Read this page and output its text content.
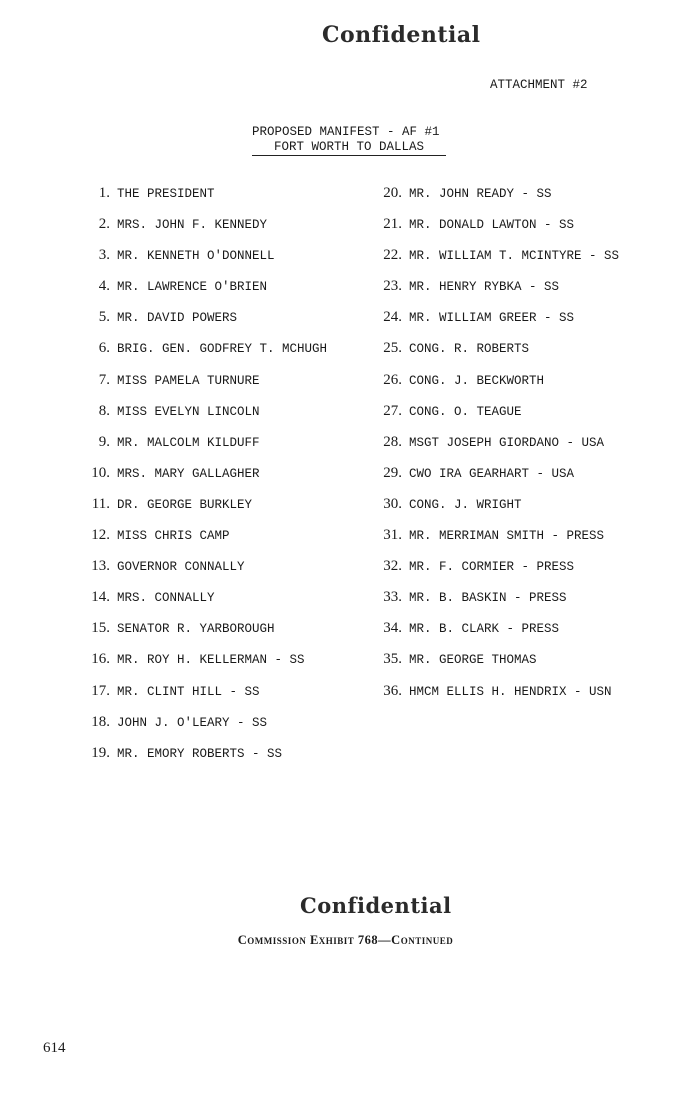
Confidential
ATTACHMENT #2
PROPOSED MANIFEST - AF #1
FORT WORTH TO DALLAS
1. THE PRESIDENT
2. MRS. JOHN F. KENNEDY
3. MR. KENNETH O'DONNELL
4. MR. LAWRENCE O'BRIEN
5. MR. DAVID POWERS
6. BRIG. GEN. GODFREY T. MCHUGH
7. MISS PAMELA TURNURE
8. MISS EVELYN LINCOLN
9. MR. MALCOLM KILDUFF
10. MRS. MARY GALLAGHER
11. DR. GEORGE BURKLEY
12. MISS CHRIS CAMP
13. GOVERNOR CONNALLY
14. MRS. CONNALLY
15. SENATOR R. YARBOROUGH
16. MR. ROY H. KELLERMAN - SS
17. MR. CLINT HILL - SS
18. JOHN J. O'LEARY - SS
19. MR. EMORY ROBERTS - SS
20. MR. JOHN READY - SS
21. MR. DONALD LAWTON - SS
22. MR. WILLIAM T. MCINTYRE - SS
23. MR. HENRY RYBKA - SS
24. MR. WILLIAM GREER - SS
25. CONG. R. ROBERTS
26. CONG. J. BECKWORTH
27. CONG. O. TEAGUE
28. MSGT JOSEPH GIORDANO - USA
29. CWO IRA GEARHART - USA
30. CONG. J. WRIGHT
31. MR. MERRIMAN SMITH - PRESS
32. MR. F. CORMIER - PRESS
33. MR. B. BASKIN - PRESS
34. MR. B. CLARK - PRESS
35. MR. GEORGE THOMAS
36. HMCM ELLIS H. HENDRIX - USN
Confidential
Commission Exhibit 768—Continued
614
